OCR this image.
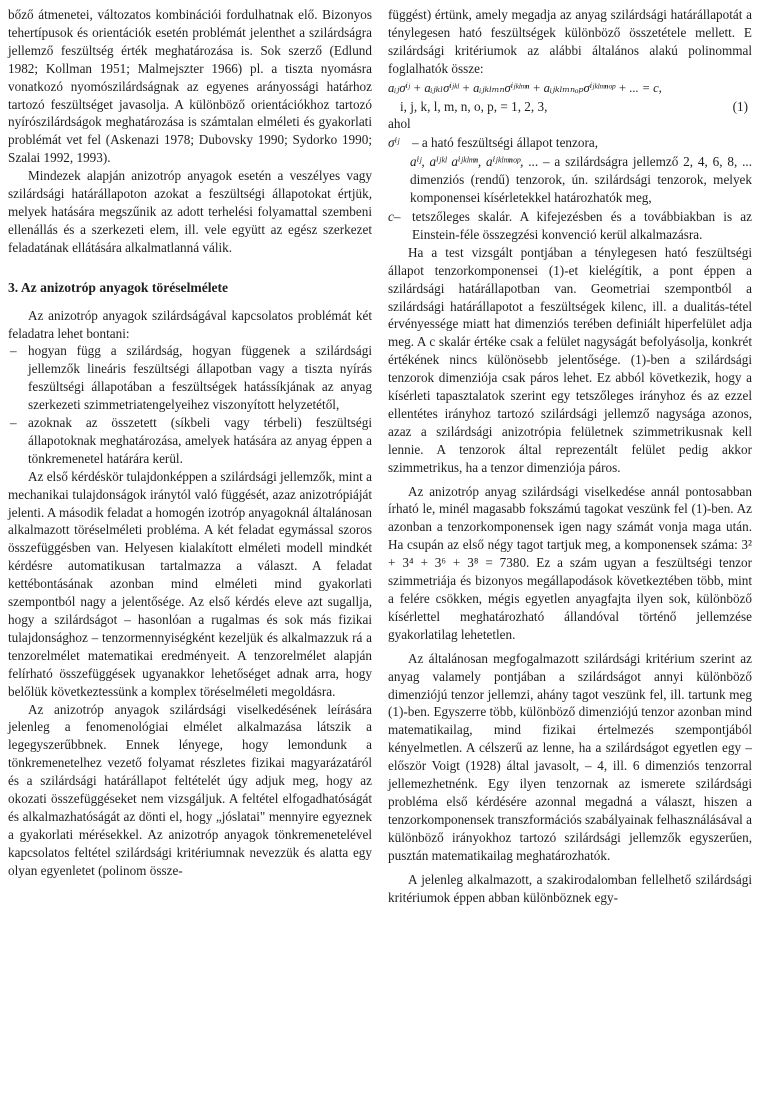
bőző átmenetei, változatos kombinációi fordulhatnak elő. Bizonyos tehertípusok és orientációk esetén problémát jelenthet a szilárdságra jellemző feszültség érték meghatározása is. Sok szerző (Edlund 1982; Kollman 1951; Malmejszter 1966) pl. a tiszta nyomásra vonatkozó nyomószilárdságnak az egyenes arányossági határhoz tartozó feszültséget javasolja. A különböző orientációkhoz tartozó nyírószilárdságok meghatározása is számtalan elméleti és gyakorlati problémát vet fel (Askenazi 1978; Dubovsky 1990; Sydorko 1990; Szalai 1992, 1993).

Mindezek alapján anizotróp anyagok esetén a veszélyes vagy szilárdsági határállapoton azokat a feszültségi állapotokat értjük, melyek hatására megszűnik az adott terhelési folyamattal szembeni ellenállás és a szerkezeti elem, ill. vele együtt az egész szerkezet feladatának ellátására alkalmatlanná válik.

3. Az anizotróp anyagok töréselmélete

Az anizotróp anyagok szilárdságával kapcsolatos problémát két feladatra lehet bontani:

– hogyan függ a szilárdság, hogyan függenek a szilárdsági jellemzők lineáris feszültségi állapotban vagy a tiszta nyírás feszültségi állapotában a feszültségek hatássíkjának az anyag szerkezeti szimmetriatengelyeihez viszonyított helyzetétől,
– azoknak az összetett (síkbeli vagy térbeli) feszültségi állapotoknak meghatározása, amelyek hatására az anyag éppen a tönkremenetel határára kerül.

Az első kérdéskör tulajdonképpen a szilárdsági jellemzők, mint a mechanikai tulajdonságok iránytól való függését, azaz anizotrópiáját jelenti. A második feladat a homogén izotróp anyagoknál általánosan alkalmazott töréselméleti probléma. A két feladat egymással szoros összefüggésben van. Helyesen kialakított elméleti modell mindkét kérdésre automatikusan tartalmazza a választ. A feladat kettébontásának azonban mind elméleti mind gyakorlati szempontból nagy a jelentősége. Az első kérdés eleve azt sugallja, hogy a szilárdságot – hasonlóan a rugalmas és sok más fizikai tulajdonsághoz – tenzormennyiségként kezeljük és alkalmazzuk rá a tenzorelmélet matematikai eredményeit. A tenzorelmélet alapján felírható összefüggések ugyanakkor lehetőséget adnak arra, hogy belőlük következtessünk a komplex töréselméleti megoldásra.

Az anizotróp anyagok szilárdsági viselkedésének leírására jelenleg a fenomenológiai elmélet alkalmazása látszik a legegyszerűbbnek. Ennek lényege, hogy lemondunk a tönkremenetelhez vezető folyamat részletes fizikai magyarázatáról és a szilárdsági határállapot feltételét úgy adjuk meg, hogy az okozati összefüggéseket nem vizsgáljuk. A feltétel elfogadhatóságát és alkalmazhatóságát az dönti el, hogy „jóslatai" mennyire egyeznek a gyakorlati mérésekkel. Az anizotróp anyagok tönkremenetelével kapcsolatos feltétel szilárdsági kritériumnak nevezzük és alatta egy olyan egyenletet (polinom össze-

függést) értünk, amely megadja az anyag szilárdsági határállapotát a ténylegesen ható feszültségek különböző összetétele mellett. E szilárdsági kritériumok az alábbi általános alakú polinommal foglalhatók össze:

aᵢⱼσⁱʲ + aᵢⱼₖₗσⁱʲᵏˡ + aᵢⱼₖₗₘₙσⁱʲᵏˡᵐⁿ + aᵢⱼₖₗₘₙₒₚσⁱʲᵏˡᵐⁿᵒᵖ + ... = c,
i, j, k, l, m, n, o, p, = 1, 2, 3,	(1)

ahol

σⁱʲ – a ható feszültségi állapot tenzora,
aⁱʲ, aⁱʲᵏˡ aⁱʲᵏˡᵐⁿ, aⁱʲᵏˡᵐⁿᵒᵖ, ... – a szilárdságra jellemző 2, 4, 6, 8, ... dimenziós (rendű) tenzorok, ún. szilárdsági tenzorok, melyek komponensei kísérletekkel határozhatók meg,
c– tetszőleges skalár. A kifejezésben és a továbbiakban is az Einstein-féle összegzési konvenció kerül alkalmazásra.

Ha a test vizsgált pontjában a ténylegesen ható feszültségi állapot tenzorkomponensei (1)-et kielégítik, a pont éppen a szilárdsági határállapotban van. Geometriai szempontból a szilárdsági határállapotot a feszültségek kilenc, ill. a dualitás-tétel érvényessége miatt hat dimenziós terében definiált hiperfelület adja meg. A c skalár értéke csak a felület nagyságát befolyásolja, konkrét értékének nincs különösebb jelentősége. (1)-ben a szilárdsági tenzorok dimenziója csak páros lehet. Ez abból következik, hogy a kísérleti tapasztalatok szerint egy tetszőleges irányhoz és az ezzel ellentétes irányhoz tartozó szilárdsági jellemző nagysága azonos, azaz a szilárdsági anizotrópia felületnek szimmetrikusnak kell lennie. A tenzorok által reprezentált felület pedig akkor szimmetrikus, ha a tenzor dimenziója páros.

Az anizotróp anyag szilárdsági viselkedése annál pontosabban írható le, minél magasabb fokszámú tagokat veszünk fel (1)-ben. Az azonban a tenzorkomponensek igen nagy számát vonja maga után. Ha csupán az első négy tagot tartjuk meg, a komponensek száma: 3² + 3⁴ + 3⁶ + 3⁸ = 7380. Ez a szám ugyan a feszültségi tenzor szimmetriája és bizonyos megállapodások következtében több, mint a felére csökken, mégis egyetlen anyagfajta ilyen sok, különböző kísérlettel meghatározható állandóval történő jellemzése gyakorlatilag lehetetlen.

Az általánosan megfogalmazott szilárdsági kritérium szerint az anyag valamely pontjában a szilárdságot annyi különböző dimenziójú tenzor jellemzi, ahány tagot veszünk fel, ill. tartunk meg (1)-ben. Egyszerre több, különböző dimenziójú tenzor azonban mind matematikailag, mind fizikai értelmezés szempontjából kényelmetlen. A célszerű az lenne, ha a szilárdságot egyetlen egy – először Voigt (1928) által javasolt, – 4, ill. 6 dimenziós tenzorral jellemezhetnénk. Egy ilyen tenzornak az ismerete szilárdsági probléma első kérdésére azonnal megadná a választ, hiszen a tenzorkomponensek transzformációs szabályainak felhasználásával a különböző irányokhoz tartozó szilárdsági jellemzők egyszerűen, pusztán matematikailag meghatározhatók.

A jelenleg alkalmazott, a szakirodalomban fellelhető szilárdsági kritériumok éppen abban különböznek egy-
